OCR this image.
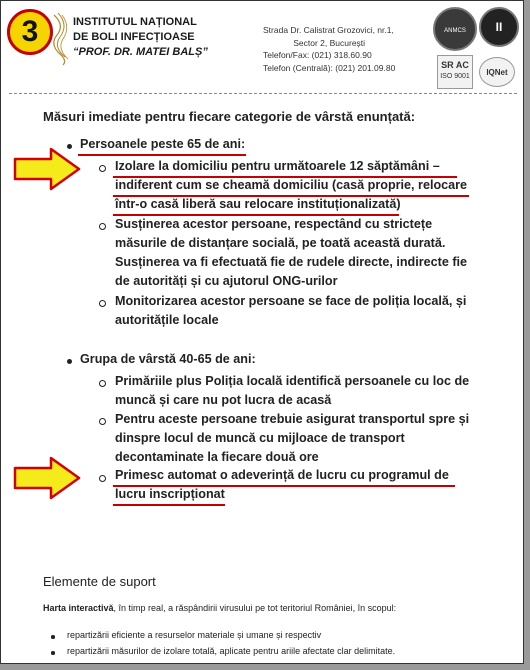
3	INSTITUTUL NAȚIONAL
DE BOLI INFECȚIOASE
“PROF. DR. MATEI BALȘ”
Strada Dr. Calistrat Grozovici, nr.1,
Sector 2, București
Telefon/Fax: (021) 318.60.90
Telefon (Centrală): (021) 201.09.80
ANMCS	II
SR AC
ISO 9001	IQNet
Măsuri imediate pentru fiecare categorie de vârstă enunțată:
Persoanele peste 65 de ani:
Izolare la domiciliu pentru următoarele 12 săptămâni –
indiferent cum se cheamă domiciliu (casă proprie, relocare
într-o casă liberă sau relocare instituționalizată)
Susținerea acestor persoane, respectând cu strictețe
măsurile de distanțare socială, pe toată această durată.
Susținerea va fi efectuată fie de rudele directe, indirecte fie
de autorități și cu ajutorul ONG-urilor
Monitorizarea acestor persoane se face de poliția locală, și
autoritățile locale
Grupa de vârstă 40-65 de ani:
Primăriile plus Poliția locală identifică persoanele cu loc de
muncă și care nu pot lucra de acasă
Pentru aceste persoane trebuie asigurat transportul spre și
dinspre locul de muncă cu mijloace de transport
decontaminate la fiecare două ore
Primesc automat o adeverință de lucru cu programul de
lucru inscripționat
Elemente de suport
Harta interactivă, în timp real, a răspândirii virusului pe tot teritoriul României, în scopul:
repartizării eficiente a resurselor materiale și umane și respectiv
repartizării măsurilor de izolare totală, aplicate pentru ariile afectate clar delimitate.
